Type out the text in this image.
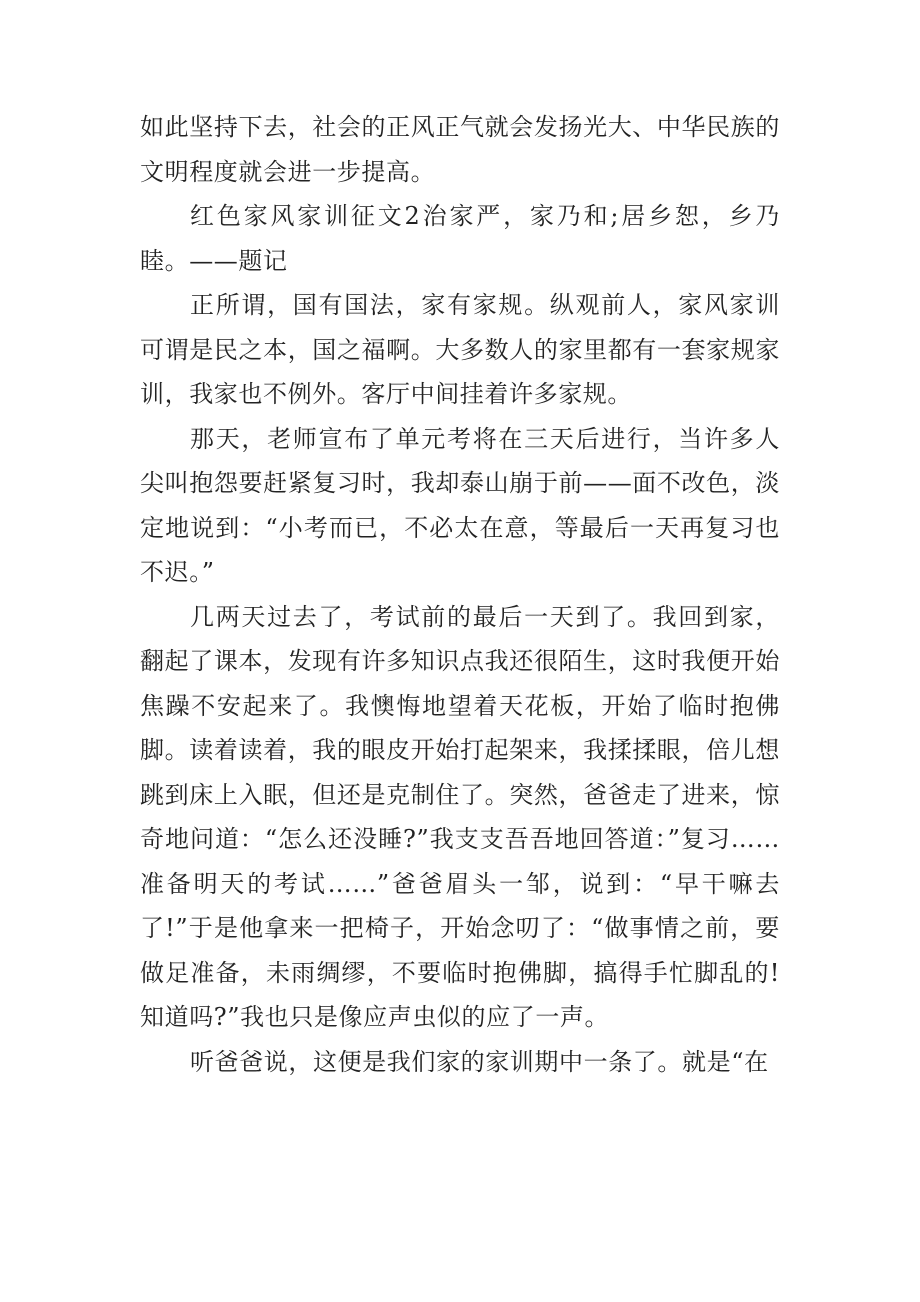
如此坚持下去，社会的正风正气就会发扬光大、中华民族的文明程度就会进一步提高。

红色家风家训征文2治家严，家乃和;居乡恕，乡乃睦。——题记

正所谓，国有国法，家有家规。纵观前人，家风家训可谓是民之本，国之福啊。大多数人的家里都有一套家规家训，我家也不例外。客厅中间挂着许多家规。

那天，老师宣布了单元考将在三天后进行，当许多人尖叫抱怨要赶紧复习时，我却泰山崩于前——面不改色，淡定地说到：“小考而已，不必太在意，等最后一天再复习也不迟。”

几两天过去了，考试前的最后一天到了。我回到家，翻起了课本，发现有许多知识点我还很陌生，这时我便开始焦躁不安起来了。我懊悔地望着天花板，开始了临时抱佛脚。读着读着，我的眼皮开始打起架来，我揉揉眼，倍儿想跳到床上入眠，但还是克制住了。突然，爸爸走了进来，惊奇地问道：“怎么还没睡?”我支支吾吾地回答道：”复习……准备明天的考试……”爸爸眉头一邹，说到：“早干嘛去了!”于是他拿来一把椅子，开始念叨了：“做事情之前，要做足准备，未雨绸缪，不要临时抱佛脚，搞得手忙脚乱的!知道吗?”我也只是像应声虫似的应了一声。

听爸爸说，这便是我们家的家训期中一条了。就是“在
